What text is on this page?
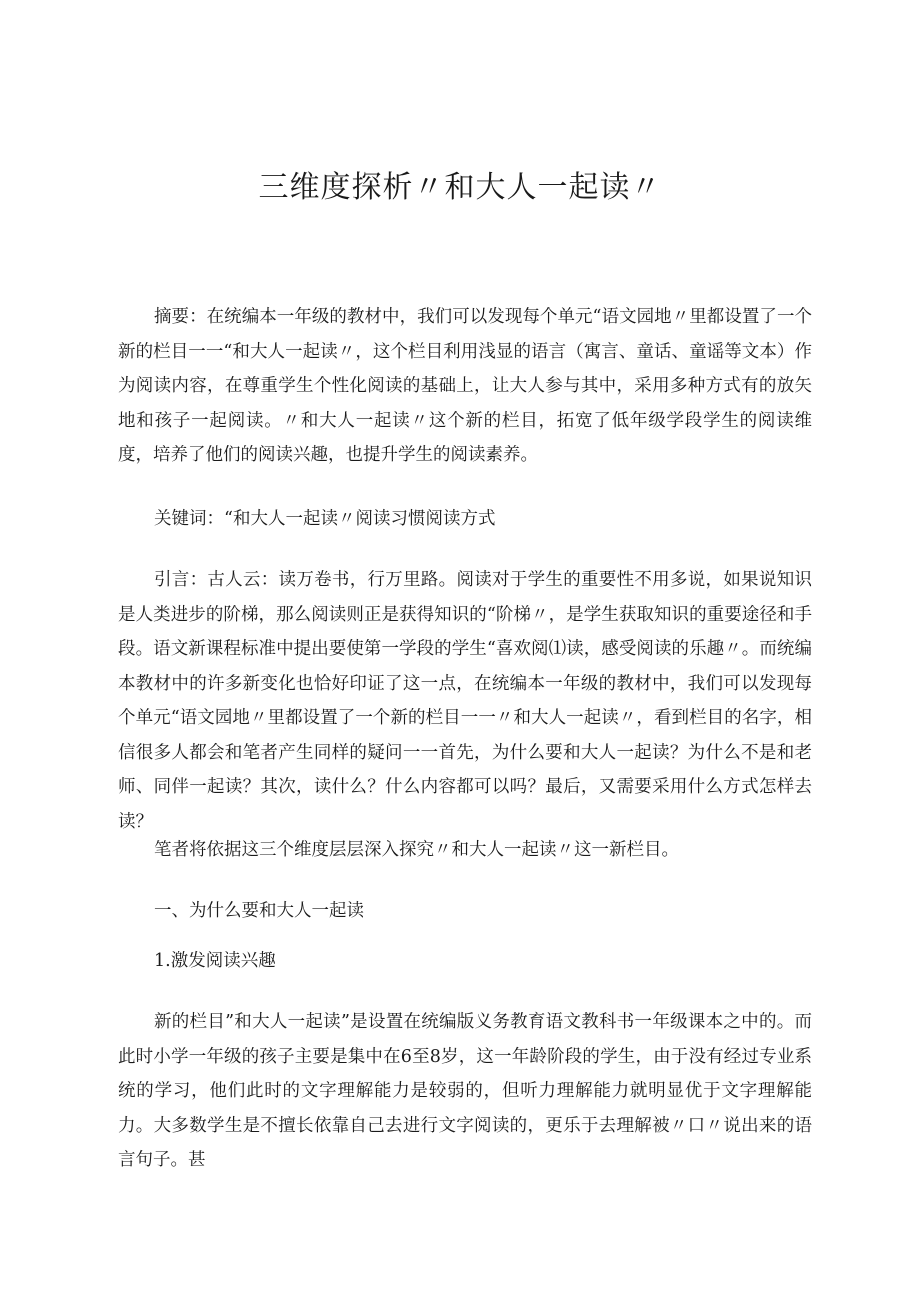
三维度探析〃和大人一起读〃

摘要：在统编本一年级的教材中，我们可以发现每个单元“语文园地〃里都设置了一个新的栏目一一“和大人一起读〃，这个栏目利用浅显的语言（寓言、童话、童谣等文本）作为阅读内容，在尊重学生个性化阅读的基础上，让大人参与其中，采用多种方式有的放矢地和孩子一起阅读。〃和大人一起读〃这个新的栏目，拓宽了低年级学段学生的阅读维度，培养了他们的阅读兴趣，也提升学生的阅读素养。

关键词：“和大人一起读〃阅读习惯阅读方式

引言：古人云：读万卷书，行万里路。阅读对于学生的重要性不用多说，如果说知识是人类进步的阶梯，那么阅读则正是获得知识的“阶梯〃，是学生获取知识的重要途径和手段。语文新课程标准中提出要使第一学段的学生“喜欢阅⑴读，感受阅读的乐趣〃。而统编本教材中的许多新变化也恰好印证了这一点，在统编本一年级的教材中，我们可以发现每个单元“语文园地〃里都设置了一个新的栏目一一〃和大人一起读〃，看到栏目的名字，相信很多人都会和笔者产生同样的疑问一一首先，为什么要和大人一起读？为什么不是和老师、同伴一起读？其次，读什么？什么内容都可以吗？最后，又需要采用什么方式怎样去读？

笔者将依据这三个维度层层深入探究〃和大人一起读〃这一新栏目。

一、为什么要和大人一起读

1.激发阅读兴趣

新的栏目”和大人一起读”是设置在统编版义务教育语文教科书一年级课本之中的。而此时小学一年级的孩子主要是集中在6至8岁，这一年龄阶段的学生，由于没有经过专业系统的学习，他们此时的文字理解能力是较弱的，但听力理解能力就明显优于文字理解能力。大多数学生是不擅长依靠自己去进行文字阅读的，更乐于去理解被〃口〃说出来的语言句子。甚
